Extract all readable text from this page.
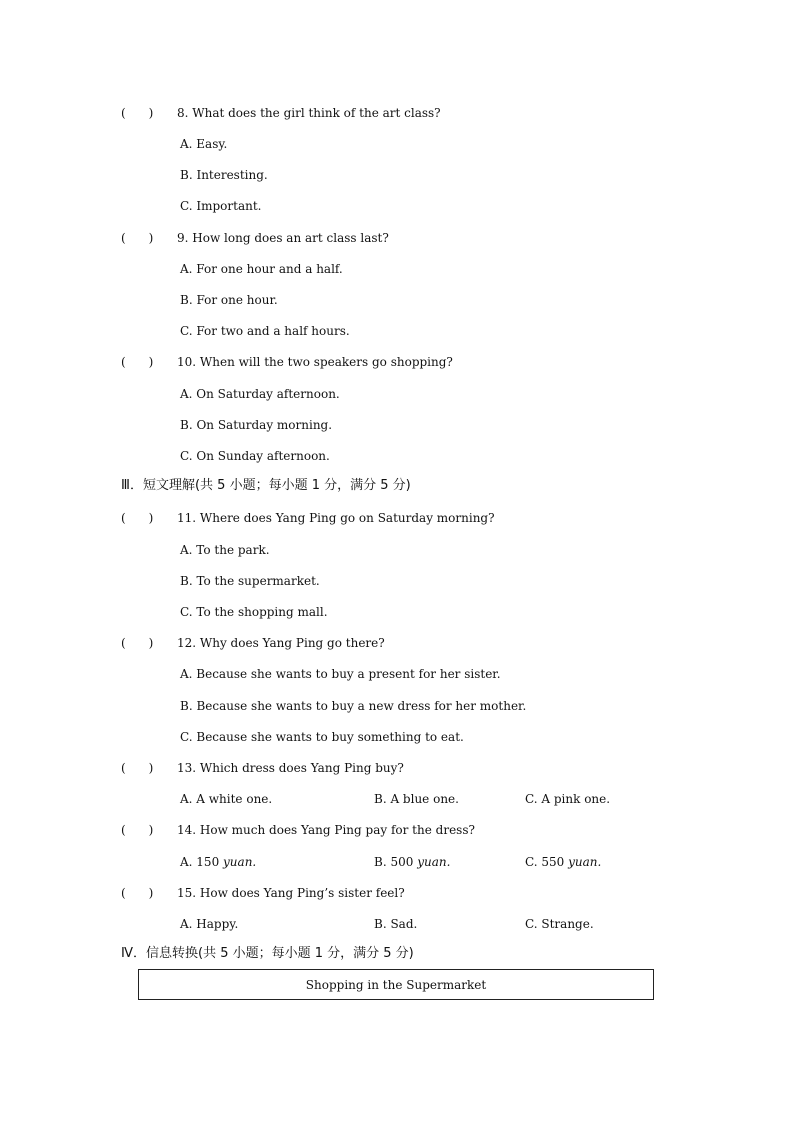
(      ) 8. What does the girl think of the art class?
A. Easy.
B. Interesting.
C. Important.
(      ) 9. How long does an art class last?
A. For one hour and a half.
B. For one hour.
C. For two and a half hours.
(      ) 10. When will the two speakers go shopping?
A. On Saturday afternoon.
B. On Saturday morning.
C. On Sunday afternoon.
Ⅲ．短文理解(共 5 小题；每小题 1 分，满分 5 分)
(      ) 11. Where does Yang Ping go on Saturday morning?
A. To the park.
B. To the supermarket.
C. To the shopping mall.
(      ) 12. Why does Yang Ping go there?
A. Because she wants to buy a present for her sister.
B. Because she wants to buy a new dress for her mother.
C. Because she wants to buy something to eat.
(      ) 13. Which dress does Yang Ping buy?
A. A white one.	B. A blue one.	C. A pink one.
(      ) 14. How much does Yang Ping pay for the dress?
A. 150 yuan.	B. 500 yuan.	C. 550 yuan.
(      ) 15. How does Yang Ping’s sister feel?
A. Happy.	B. Sad.	C. Strange.
Ⅳ．信息转换(共 5 小题；每小题 1 分，满分 5 分)
Shopping in the Supermarket
